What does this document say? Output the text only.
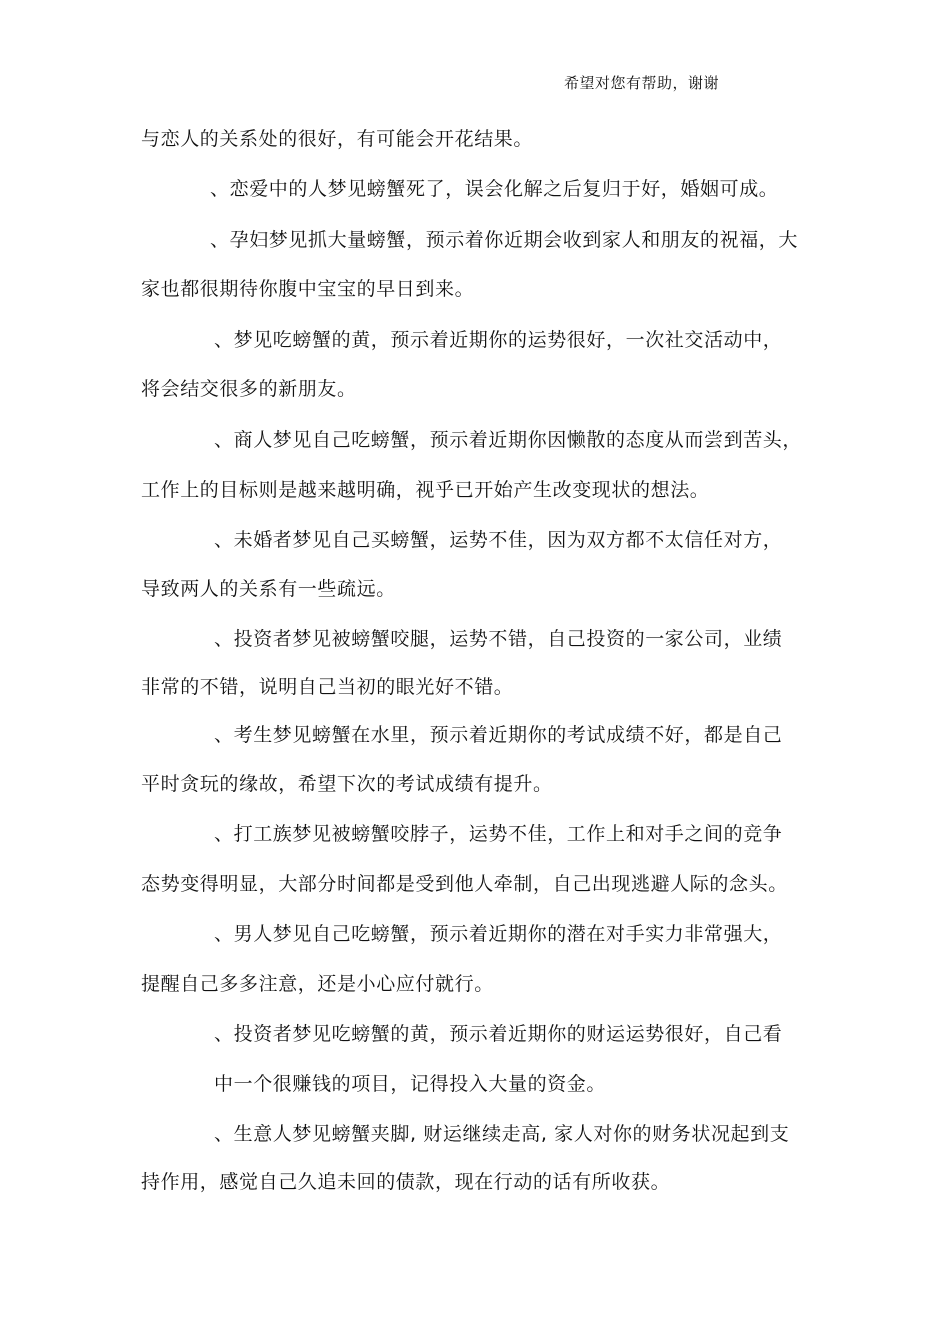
希望对您有帮助，谢谢
与恋人的关系处的很好，有可能会开花结果。
、恋爱中的人梦见螃蟹死了，误会化解之后复归于好，婚姻可成。
、孕妇梦见抓大量螃蟹，预示着你近期会收到家人和朋友的祝福，大
家也都很期待你腹中宝宝的早日到来。
、梦见吃螃蟹的黄，预示着近期你的运势很好，一次社交活动中，
将会结交很多的新朋友。
、商人梦见自己吃螃蟹，预示着近期你因懒散的态度从而尝到苦头，
工作上的目标则是越来越明确，视乎已开始产生改变现状的想法。
、未婚者梦见自己买螃蟹，运势不佳，因为双方都不太信任对方，
导致两人的关系有一些疏远。
、投资者梦见被螃蟹咬腿，运势不错，自己投资的一家公司，业绩
非常的不错，说明自己当初的眼光好不错。
、考生梦见螃蟹在水里，预示着近期你的考试成绩不好，都是自己
平时贪玩的缘故，希望下次的考试成绩有提升。
、打工族梦见被螃蟹咬脖子，运势不佳，工作上和对手之间的竞争
态势变得明显，大部分时间都是受到他人牵制，自己出现逃避人际的念头。
、男人梦见自己吃螃蟹，预示着近期你的潜在对手实力非常强大，
提醒自己多多注意，还是小心应付就行。
、投资者梦见吃螃蟹的黄，预示着近期你的财运运势很好，自己看
中一个很赚钱的项目，记得投入大量的资金。
、生意人梦见螃蟹夹脚, 财运继续走高, 家人对你的财务状况起到支
持作用，感觉自己久追未回的债款，现在行动的话有所收获。
